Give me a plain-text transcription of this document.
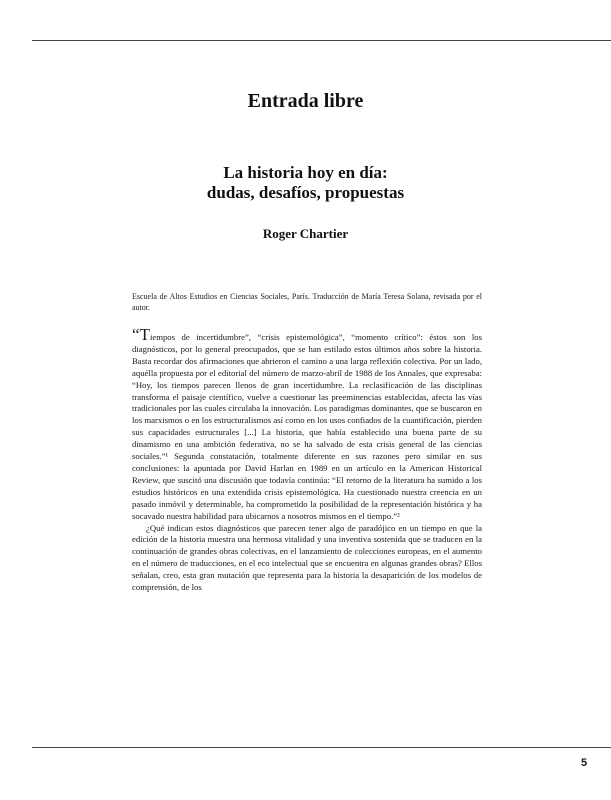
Entrada libre
La historia hoy en día:
dudas, desafíos, propuestas
Roger Chartier
Escuela de Altos Estudios en Ciencias Sociales, París. Traducción de María Teresa Solana, revisada por el autor.

“Tiempos de incertidumbre”, “crisis epistemológica”, “momento crítico”: éstos son los diagnósticos, por lo general preocupados, que se han estilado estos últimos años sobre la historia. Basta recordar dos afirmaciones que abrieron el camino a una larga reflexión colectiva. Por un lado, aquélla propuesta por el editorial del número de marzo-abril de 1988 de los Annales, que expresaba: “Hoy, los tiempos parecen llenos de gran incertidumbre. La reclasificación de las disciplinas transforma el paisaje científico, vuelve a cuestionar las preeminencias establecidas, afecta las vías tradicionales por las cuales circulaba la innovación. Los paradigmas dominantes, que se buscaron en los marxismos o en los estructuralismos así como en los usos confiados de la cuantificación, pierden sus capacidades estructurales [...] La historia, que había establecido una buena parte de su dinamismo en una ambición federativa, no se ha salvado de esta crisis general de las ciencias sociales.”¹ Segunda constatación, totalmente diferente en sus razones pero similar en sus conclusiones: la apuntada por David Harlan en 1989 en un artículo en la American Historical Review, que suscitó una discusión que todavía continúa: “El retorno de la literatura ha sumido a los estudios históricos en una extendida crisis epistemológica. Ha cuestionado nuestra creencia en un pasado inmóvil y determinable, ha comprometido la posibilidad de la representación histórica y ha socavado nuestra habilidad para ubicarnos a nosotros mismos en el tiempo.”²

¿Qué indican estos diagnósticos que parecen tener algo de paradójico en un tiempo en que la edición de la historia muestra una hermosa vitalidad y una inventiva sostenida que se traducen en la continuación de grandes obras colectivas, en el lanzamiento de colecciones europeas, en el aumento en el número de traducciones, en el eco intelectual que se encuentra en algunas grandes obras? Ellos señalan, creo, esta gran mutación que representa para la historia la desaparición de los modelos de comprensión, de los

5
